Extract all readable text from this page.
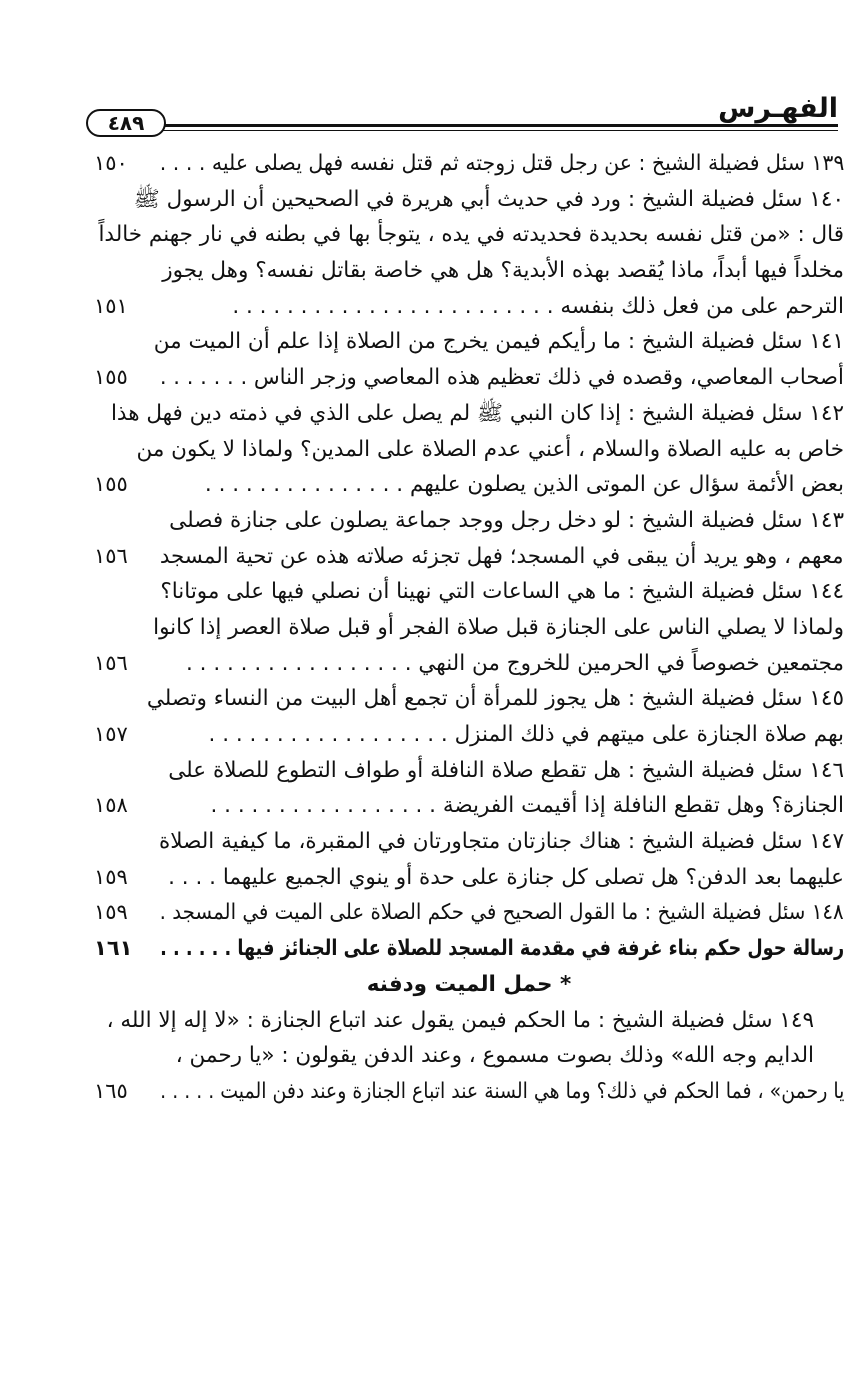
الفهـرس
٤٨٩
١٣٩ سئل فضيلة الشيخ : عن رجل قتل زوجته ثم قتل نفسه فهل يصلى عليه . . . .
١٥٠
١٤٠ سئل فضيلة الشيخ : ورد في حديث أبي هريرة في الصحيحين أن الرسول ﷺ
قال : «من قتل نفسه بحديدة فحديدته في يده ، يتوجأ بها في بطنه في نار جهنم خالداً
مخلداً فيها أبداً، ماذا يُقصد بهذه الأبدية؟ هل هي خاصة بقاتل نفسه؟ وهل يجوز
الترحم على من فعل ذلك بنفسه . . . . . . . . . . . . . . . . . . . . . . . .
١٥١
١٤١ سئل فضيلة الشيخ : ما رأيكم فيمن يخرج من الصلاة إذا علم أن الميت من
أصحاب المعاصي، وقصده في ذلك تعظيم هذه المعاصي وزجر الناس . . . . . . .
١٥٥
١٤٢ سئل فضيلة الشيخ : إذا كان النبي ﷺ لم يصل على الذي في ذمته دين فهل هذا
خاص به عليه الصلاة والسلام ، أعني عدم الصلاة على المدين؟ ولماذا لا يكون من
بعض الأئمة سؤال عن الموتى الذين يصلون عليهم . . . . . . . . . . . . . . .
١٥٥
١٤٣ سئل فضيلة الشيخ : لو دخل رجل ووجد جماعة يصلون على جنازة فصلى
معهم ، وهو يريد أن يبقى في المسجد؛ فهل تجزئه صلاته هذه عن تحية المسجد
١٥٦
١٤٤ سئل فضيلة الشيخ : ما هي الساعات التي نهينا أن نصلي فيها على موتانا؟
ولماذا لا يصلي الناس على الجنازة قبل صلاة الفجر أو قبل صلاة العصر إذا كانوا
مجتمعين خصوصاً في الحرمين للخروج من النهي . . . . . . . . . . . . . . . . .
١٥٦
١٤٥ سئل فضيلة الشيخ : هل يجوز للمرأة أن تجمع أهل البيت من النساء وتصلي
بهم صلاة الجنازة على ميتهم في ذلك المنزل . . . . . . . . . . . . . . . . . .
١٥٧
١٤٦ سئل فضيلة الشيخ : هل تقطع صلاة النافلة أو طواف التطوع للصلاة على
الجنازة؟ وهل تقطع النافلة إذا أقيمت الفريضة . . . . . . . . . . . . . . . . .
١٥٨
١٤٧ سئل فضيلة الشيخ : هناك جنازتان متجاورتان في المقبرة، ما كيفية الصلاة
عليهما بعد الدفن؟ هل تصلى كل جنازة على حدة أو ينوي الجميع عليهما . . . .
١٥٩
١٤٨ سئل فضيلة الشيخ : ما القول الصحيح في حكم الصلاة على الميت في المسجد .
١٥٩
رسالة حول حكم بناء غرفة في مقدمة المسجد للصلاة على الجنائز فيها . . . . . .
١٦١
* حمل الميت ودفنه
١٤٩ سئل فضيلة الشيخ : ما الحكم فيمن يقول عند اتباع الجنازة : «لا إله إلا الله ،
الدايم وجه الله» وذلك بصوت مسموع ، وعند الدفن يقولون : «يا رحمن ،
يا رحمن» ، فما الحكم في ذلك؟ وما هي السنة عند اتباع الجنازة وعند دفن الميت . . . . .
١٦٥
